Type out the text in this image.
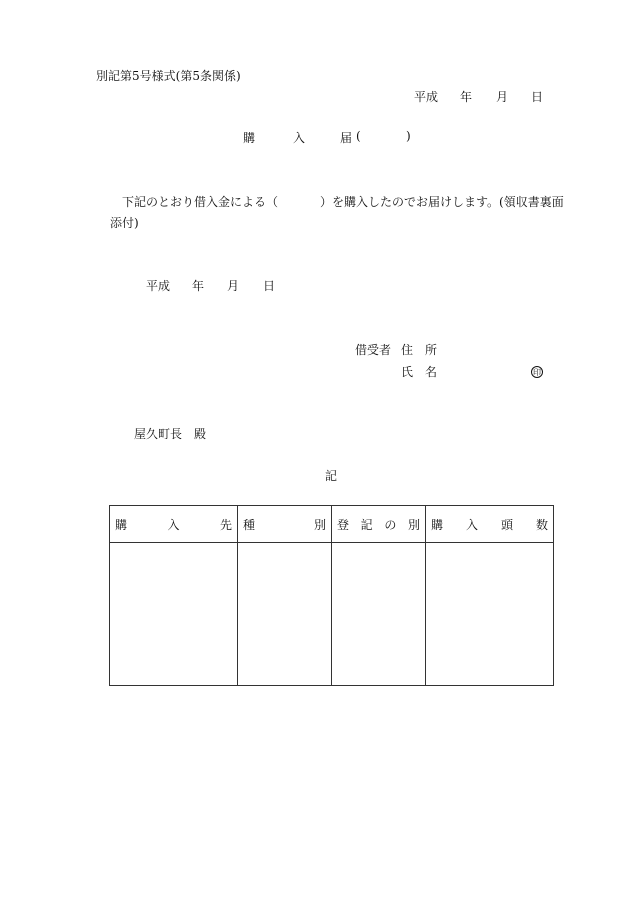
別記第5号様式(第5条関係)
平成 年 月 日
購	入	届 (	)
下記のとおり借入金による（	）を購入したのでお届けします。(領収書裏面
添付)
平成 年 月 日
借受者 住　所
氏　名	印
屋久町長　殿
記
購 入 先	種 別	登 記 の 別	購 入 頭 数
